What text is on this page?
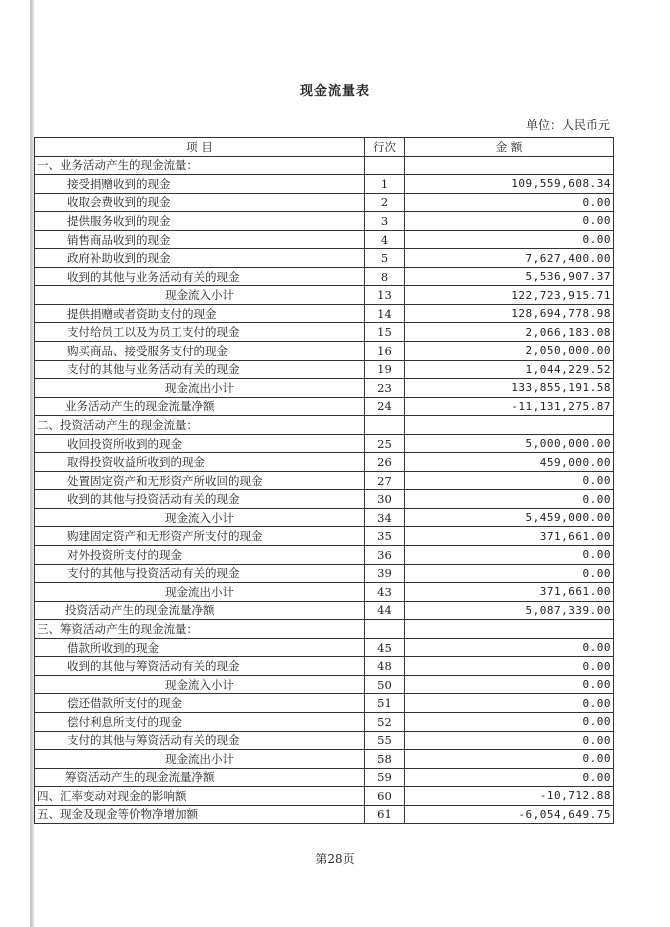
现金流量表
单位：人民币元
项 目	行次	金 额
一、业务活动产生的现金流量：		
接受捐赠收到的现金	1	109,559,608.34
收取会费收到的现金	2	0.00
提供服务收到的现金	3	0.00
销售商品收到的现金	4	0.00
政府补助收到的现金	5	7,627,400.00
收到的其他与业务活动有关的现金	8	5,536,907.37
现金流入小计	13	122,723,915.71
提供捐赠或者资助支付的现金	14	128,694,778.98
支付给员工以及为员工支付的现金	15	2,066,183.08
购买商品、接受服务支付的现金	16	2,050,000.00
支付的其他与业务活动有关的现金	19	1,044,229.52
现金流出小计	23	133,855,191.58
业务活动产生的现金流量净额	24	-11,131,275.87
二、投资活动产生的现金流量：		
收回投资所收到的现金	25	5,000,000.00
取得投资收益所收到的现金	26	459,000.00
处置固定资产和无形资产所收回的现金	27	0.00
收到的其他与投资活动有关的现金	30	0.00
现金流入小计	34	5,459,000.00
购建固定资产和无形资产所支付的现金	35	371,661.00
对外投资所支付的现金	36	0.00
支付的其他与投资活动有关的现金	39	0.00
现金流出小计	43	371,661.00
投资活动产生的现金流量净额	44	5,087,339.00
三、筹资活动产生的现金流量：		
借款所收到的现金	45	0.00
收到的其他与筹资活动有关的现金	48	0.00
现金流入小计	50	0.00
偿还借款所支付的现金	51	0.00
偿付利息所支付的现金	52	0.00
支付的其他与筹资活动有关的现金	55	0.00
现金流出小计	58	0.00
筹资活动产生的现金流量净额	59	0.00
四、汇率变动对现金的影响额	60	-10,712.88
五、现金及现金等价物净增加额	61	-6,054,649.75
第28页
